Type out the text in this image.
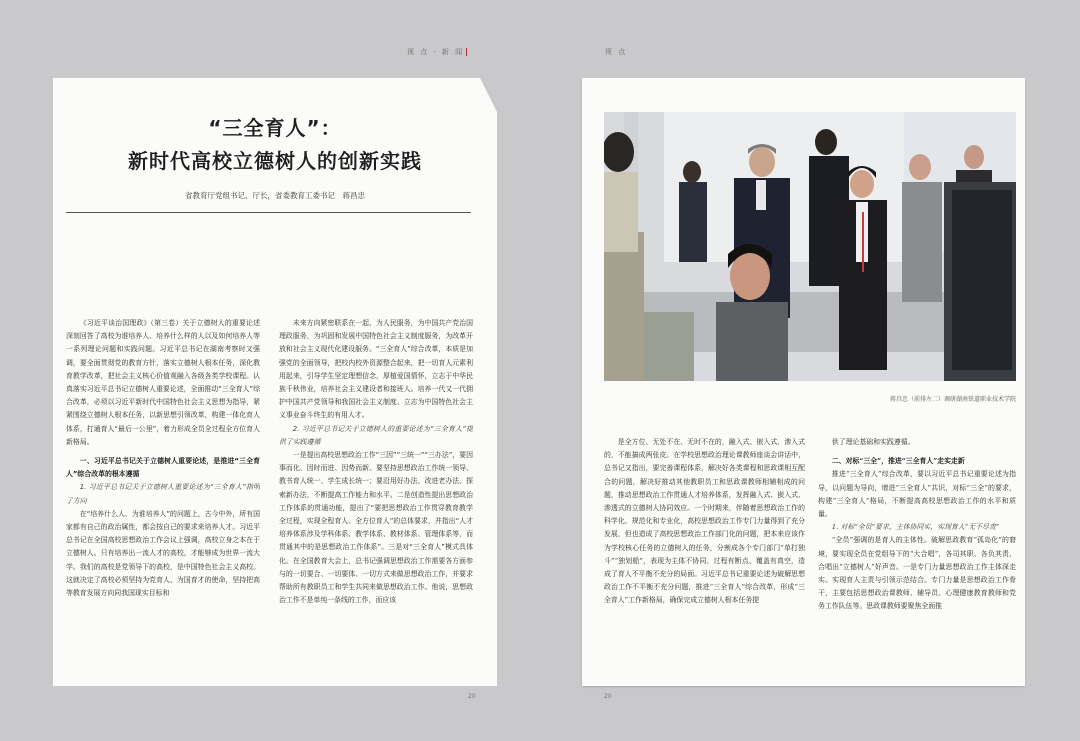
视 点 · 新 闻	视 点
“三全育人”：
新时代高校立德树人的创新实践
省教育厅党组书记、厅长，省委教育工委书记　蒋昌忠

《习近平谈治国理政》（第三卷）关于立德树人的重要论述深刻回答了高校为谁培养人、培养什么样的人以及如何培养人等一系列理论问题和实践问题。习近平总书记在湖南考察时又强调，要全面贯彻党的教育方针，落实立德树人根本任务，深化教育教学改革，把社会主义核心价值观融入各级各类学校课程。认真落实习近平总书记立德树人重要论述，全面推动“三全育人”综合改革，必须以习近平新时代中国特色社会主义思想为指导，紧紧围绕立德树人根本任务，以新思想引领改革，构建一体化育人体系，打通育人“最后一公里”，着力形成全员全过程全方位育人新格局。

一、习近平总书记关于立德树人重要论述，是推进“三全育人”综合改革的根本遵循

1. 习近平总书记关于立德树人重要论述为“三全育人”指明了方向

在“培养什么人、为谁培养人”的问题上，古今中外，所有国家都有自己的政治属性，都会按自己的要求来培养人才。习近平总书记在全国高校思想政治工作会议上强调，高校立身之本在于立德树人。只有培养出一流人才的高校，才能够成为世界一流大学。我们的高校是党领导下的高校，是中国特色社会主义高校。这就决定了高校必须坚持为党育人、为国育才的使命，坚持把高等教育发展方向同我国现实目标和

未来方向紧密联系在一起，为人民服务，为中国共产党治国理政服务，为巩固和发展中国特色社会主义制度服务，为改革开放和社会主义现代化建设服务。“三全育人”综合改革，本质是加强党的全面领导，把校内校外资源整合起来，把一切育人元素利用起来，引导学生坚定理想信念，厚植爱国情怀，立志于中华民族千秋伟业，培养社会主义建设者和接班人。培养一代又一代拥护中国共产党领导和我国社会主义制度、立志为中国特色社会主义事业奋斗终生的有用人才。

2. 习近平总书记关于立德树人的重要论述为“三全育人”提供了实践遵循

一是提出高校思想政治工作“三因”“三统一”“三办法”，要因事而化、因时而进、因势而新。要坚持思想政治工作统一领导、教书育人统一、学生成长统一；要沿用好办法、改进老办法、探索新办法，不断提高工作能力和水平。二是创造性提出思想政治工作体系的贯通功能，提出了“要把思想政治工作贯穿教育教学全过程，实现全程育人、全方位育人”的总体要求，并指出“人才培养体系涉及学科体系、教学体系、教材体系、管理体系等，而贯通其中的是思想政治工作体系”。三是对“三全育人”模式具体化。在全国教育大会上，总书记强调思想政治工作需要各方面参与的一切要合、一切要体、一切方式来做思想政治工作，并要求帮助所有教职员工和学生共同来做思想政治工作。他说，思想政治工作不是单纯一条线的工作，而应该

是全方位、无处不在、无时不在的，融入式、嵌入式、渗入式的，不能搞成两张皮。在学校思想政治理论课教师座谈会讲话中，总书记又指出，要完善课程体系，解决好各类课程和思政课相互配合的问题，解决好推动其他教职员工和思政课教师相辅相成的问题，推动思想政治工作贯通人才培养体系，发挥融入式、嵌入式、渗透式的立德树人协同效应。一个时期来，伴随着思想政治工作的科学化、规范化和专业化，高校思想政治工作专门力量得到了充分发展，但也造成了高校思想政治工作部门化的问题，把本来应该作为学校核心任务的立德树人的任务，分割成各个专门部门“单打独斗”“独划船”，表现为主体不协同、过程有断点、覆盖有真空，造成了育人不平衡不充分的局面。习近平总书记重要论述为破解思想政治工作不平衡不充分问题，推进“三全育人”综合改革，形成“三全育人”工作新格局，确保完成立德树人根本任务提

供了理论基础和实践遵循。

二、对标“三全”，推进“三全育人”走实走新

推进“三全育人”综合改革，要以习近平总书记重要论述为指导，以问题为导向，增进“三全育人”共识，对标“三全”的要求，构建“三全育人”格局，不断提高高校思想政治工作的水平和质量。

1. 对标“全员”要求，主体协同实，实现育人“无不尽责”

“全员”强调的是育人的主体性。破解思政教育“孤岛化”的窘境，要实现全员在党组导下的“大合唱”，各司其职、各负其责、合唱出“立德树人”好声音。一是专门力量思想政治工作主体深走实。实现育人主责与引领示范结合。专门力量是思想政治工作骨干，主要包括思想政治课教师、辅导员、心理健康教育教师和党务工作队伍等。思政课教师要聚焦全面推

蒋昌忠（前排左二）调研湖南铁道职业技术学院
20	20
